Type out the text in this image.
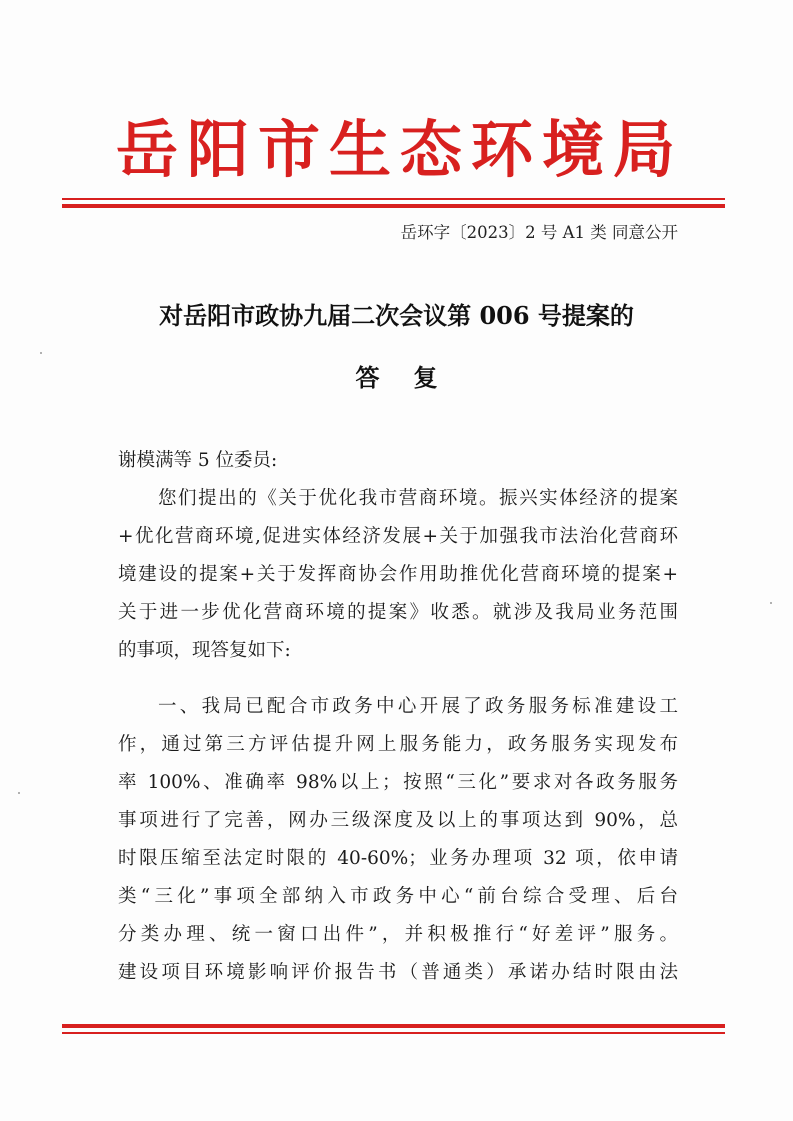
岳阳市生态环境局
岳环字〔2023〕2 号 A1 类 同意公开
对岳阳市政协九届二次会议第 006 号提案的
答复
谢模满等 5 位委员:
您们提出的《关于优化我市营商环境。振兴实体经济的提案
+优化营商环境,促进实体经济发展+关于加强我市法治化营商环
境建设的提案+关于发挥商协会作用助推优化营商环境的提案+
关于进一步优化营商环境的提案》收悉。就涉及我局业务范围
的事项，现答复如下:
一、我局已配合市政务中心开展了政务服务标准建设工
作，通过第三方评估提升网上服务能力，政务服务实现发布
率 100%、准确率 98%以上；按照“三化”要求对各政务服务
事项进行了完善，网办三级深度及以上的事项达到 90%，总
时限压缩至法定时限的 40-60%；业务办理项 32 项，依申请
类“三化”事项全部纳入市政务中心“前台综合受理、后台
分类办理、统一窗口出件”，并积极推行“好差评”服务。
建设项目环境影响评价报告书（普通类）承诺办结时限由法
